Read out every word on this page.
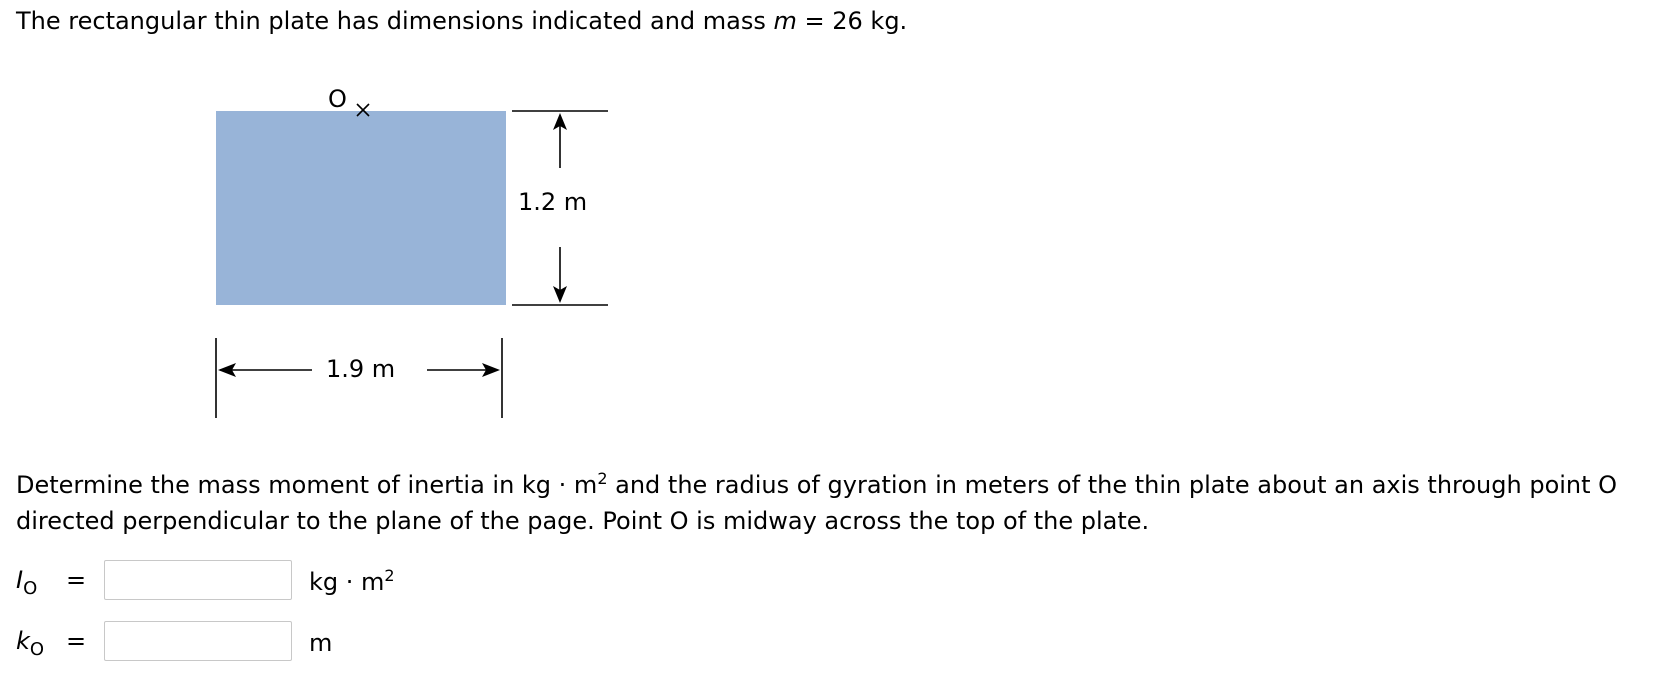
The rectangular thin plate has dimensions indicated and mass m = 26 kg.
O
1.2 m
1.9 m
Determine the mass moment of inertia in kg · $m^2$ and the radius of gyration in meters of the thin plate about an axis through point O directed perpendicular to the plane of the page. Point O is midway across the top of the plate.
$I_O$ =	kg · $m^2$
$k_O$ =	m
